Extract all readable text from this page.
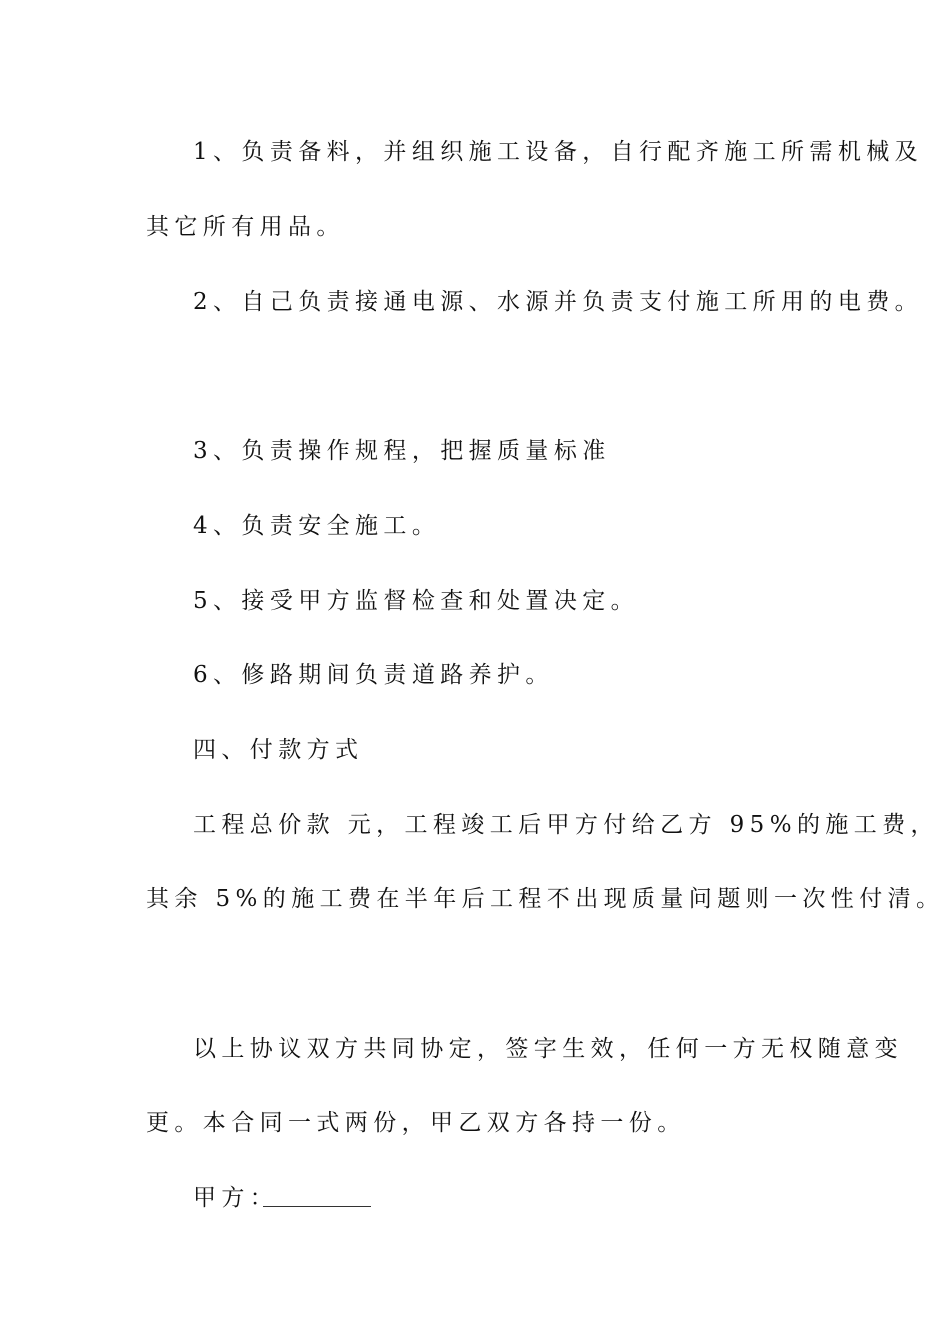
1、负责备料，并组织施工设备，自行配齐施工所需机械及
其它所有用品。
2、自己负责接通电源、水源并负责支付施工所用的电费。
3、负责操作规程，把握质量标准
4、负责安全施工。
5、接受甲方监督检查和处置决定。
6、修路期间负责道路养护。
四、付款方式
工程总价款 元，工程竣工后甲方付给乙方 95%的施工费，
其余 5%的施工费在半年后工程不出现质量问题则一次性付清。
以上协议双方共同协定，签字生效，任何一方无权随意变
更。本合同一式两份，甲乙双方各持一份。
甲方：
